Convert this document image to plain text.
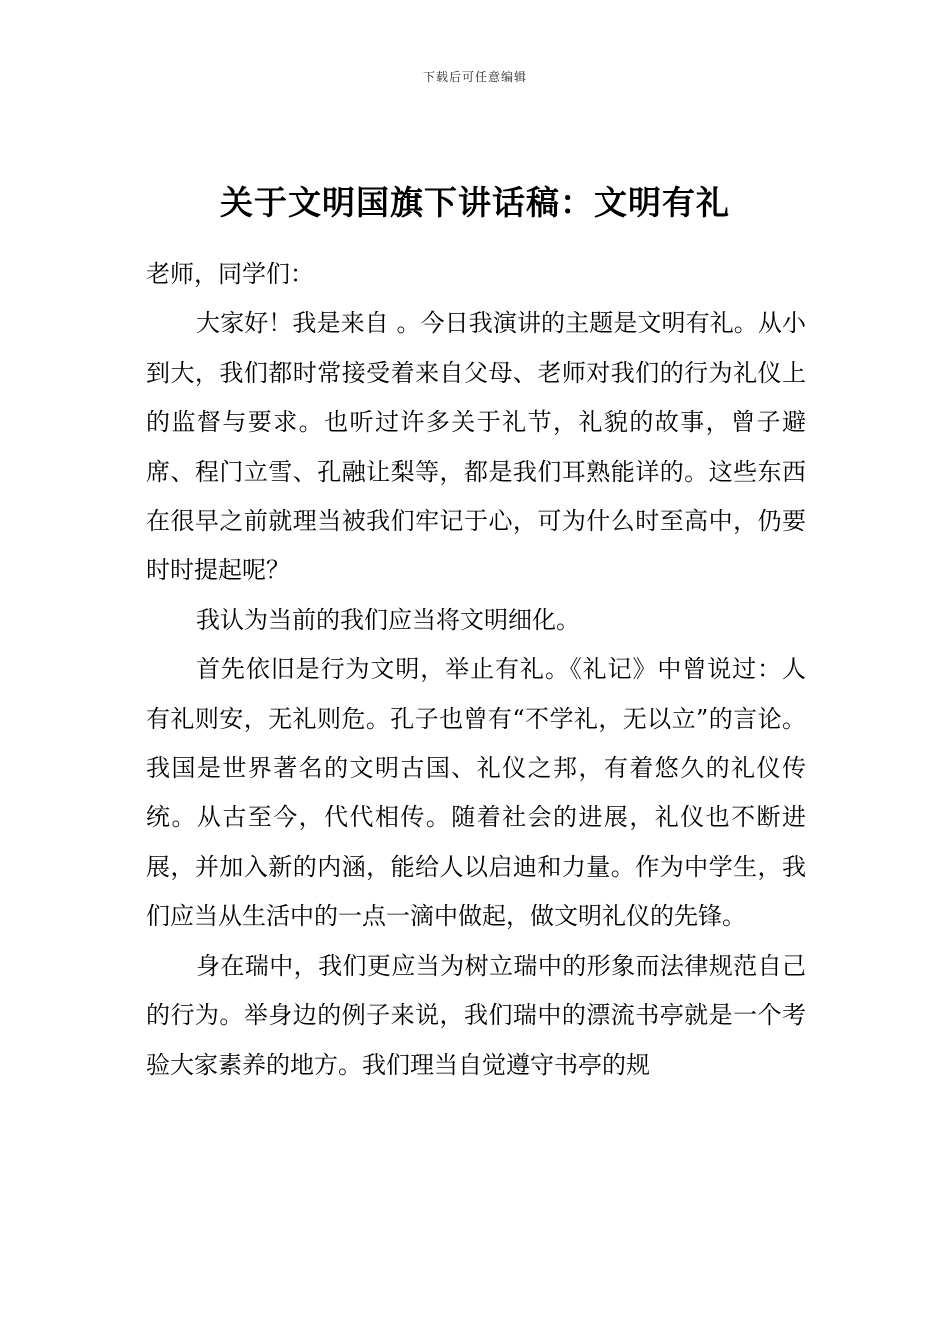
下载后可任意编辑
关于文明国旗下讲话稿：文明有礼

老师，同学们：

大家好！我是来自 。今日我演讲的主题是文明有礼。从小到大，我们都时常接受着来自父母、老师对我们的行为礼仪上的监督与要求。也听过许多关于礼节，礼貌的故事，曾子避席、程门立雪、孔融让梨等，都是我们耳熟能详的。这些东西在很早之前就理当被我们牢记于心，可为什么时至高中，仍要时时提起呢？

我认为当前的我们应当将文明细化。

首先依旧是行为文明，举止有礼。《礼记》中曾说过：人有礼则安，无礼则危。孔子也曾有“不学礼，无以立”的言论。我国是世界著名的文明古国、礼仪之邦，有着悠久的礼仪传统。从古至今，代代相传。随着社会的进展，礼仪也不断进展，并加入新的内涵，能给人以启迪和力量。作为中学生，我们应当从生活中的一点一滴中做起，做文明礼仪的先锋。

身在瑞中，我们更应当为树立瑞中的形象而法律规范自己的行为。举身边的例子来说，我们瑞中的漂流书亭就是一个考验大家素养的地方。我们理当自觉遵守书亭的规
